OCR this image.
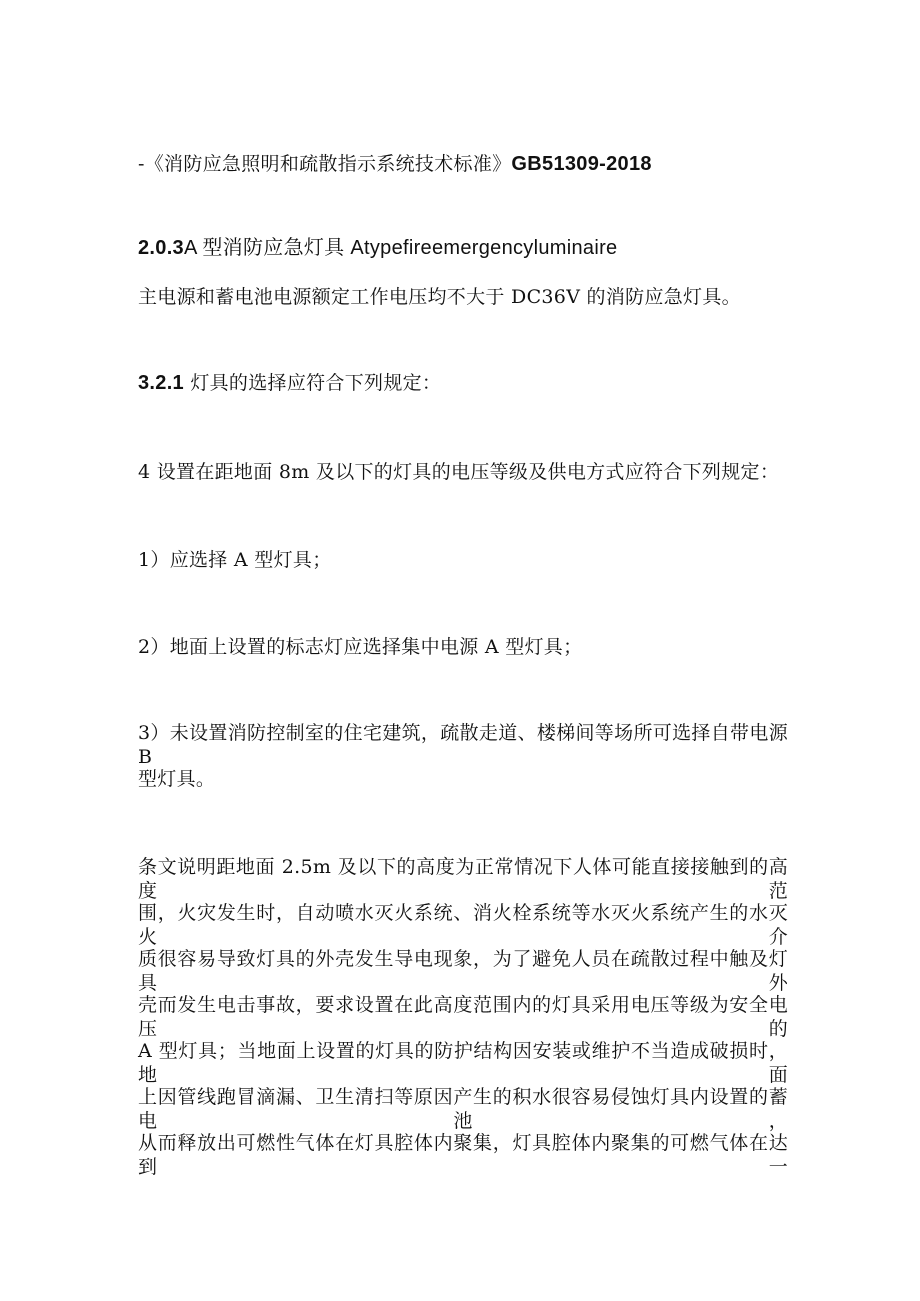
-《消防应急照明和疏散指示系统技术标准》GB51309-2018
2.0.3A 型消防应急灯具 Atypefireemergencyluminaire
主电源和蓄电池电源额定工作电压均不大于 DC36V 的消防应急灯具。
3.2.1 灯具的选择应符合下列规定：
4 设置在距地面 8m 及以下的灯具的电压等级及供电方式应符合下列规定：
1）应选择 A 型灯具；
2）地面上设置的标志灯应选择集中电源 A 型灯具；
3）未设置消防控制室的住宅建筑，疏散走道、楼梯间等场所可选择自带电源 B
型灯具。
条文说明距地面 2.5m 及以下的高度为正常情况下人体可能直接接触到的高度范
围，火灾发生时，自动喷水灭火系统、消火栓系统等水灭火系统产生的水灭火介
质很容易导致灯具的外壳发生导电现象，为了避免人员在疏散过程中触及灯具外
壳而发生电击事故，要求设置在此高度范围内的灯具采用电压等级为安全电压的
A 型灯具；当地面上设置的灯具的防护结构因安装或维护不当造成破损时，地面
上因管线跑冒滴漏、卫生清扫等原因产生的积水很容易侵蚀灯具内设置的蓄电池，
从而释放出可燃性气体在灯具腔体内聚集，灯具腔体内聚集的可燃气体在达到一
